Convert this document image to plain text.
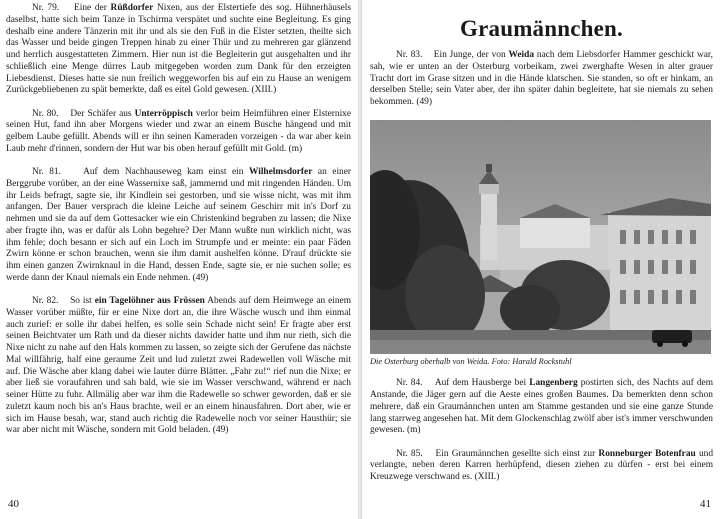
Nr. 79. Eine der Rüßdorfer Nixen, aus der Elstertiefe des sog. Hühnerhäusels daselbst, hatte sich beim Tanze in Tschirma verspätet und suchte eine Begleitung. Es ging deshalb eine andere Tänzerin mit ihr und als sie den Fuß in die Elster setzten, theilte sich das Wasser und beide gingen Treppen hinab zu einer Thür und zu mehreren gar glänzend und herrlich ausgestatteten Zimmern. Hier nun ist die Begleiterin gut ausgehalten und ihr schließlich eine Menge dürres Laub mitgegeben worden zum Dank für den erzeigten Liebesdienst. Dieses hatte sie nun freilich weggeworfen bis auf ein zu Hause an wenigem Zurückgebliebenen zu spät bemerkte, daß es eitel Gold gewesen. (XIII.)

Nr. 80. Der Schäfer aus Unterröppisch verlor beim Heimführen einer Elsternixe seinen Hut, fand ihn aber Morgens wieder und zwar an einem Busche hängend und mit gelbem Laube gefüllt. Abends will er ihn seinen Kameraden vorzeigen - da war aber kein Laub mehr d'rinnen, sondern der Hut war bis oben herauf gefüllt mit Gold. (m)

Nr. 81. Auf dem Nachhauseweg kam einst ein Wilhelmsdorfer an einer Berggrube vorüber, an der eine Wassernixe saß, jammernd und mit ringenden Händen. Um ihr Leids befragt, sagte sie, ihr Kindlein sei gestorben, und sie wisse nicht, was mit ihm anfangen. Der Bauer versprach die kleine Leiche auf seinem Geschirr mit in's Dorf zu nehmen und sie da auf dem Gottesacker wie ein Christenkind begraben zu lassen; die Nixe aber fragte ihn, was er dafür als Lohn begehre? Der Mann wußte nun wirklich nicht, was ihm fehle; doch besann er sich auf ein Loch im Strumpfe und er meinte: ein paar Fäden Zwirn könne er schon brauchen, wenn sie ihm damit aushelfen könne. D'rauf drückte sie ihm einen ganzen Zwirnknaul in die Hand, dessen Ende, sagte sie, er nie suchen solle; es werde dann der Knaul niemals ein Ende nehmen. (49)

Nr. 82. So ist ein Tagelöhner aus Frössen Abends auf dem Heimwege an einem Wasser vorüber müßte, für er eine Nixe dort an, die ihre Wäsche wusch und ihm einmal auch zurief: er solle ihr dabei helfen, es solle sein Schade nicht sein! Er fragte aber erst seinen Beichtvater um Rath und da dieser nichts dawider hatte und ihm nur rieth, sich die Nixe nicht zu nahe auf den Hals kommen zu lassen, so zeigte sich der Gerufene das nächste Mal willfährig, half eine geraume Zeit und lud zuletzt zwei Radewellen voll Wäsche mit auf. Die Wäsche aber klang dabei wie lauter dürre Blätter. „Fahr zu!“ rief nun die Nixe; er aber ließ sie voraufahren und sah bald, wie sie im Wasser verschwand, während er nach seiner Hütte zu fuhr. Allmälig aber war ihm die Radewelle so schwer geworden, daß er sie zuletzt kaum noch bis an's Haus brachte, weil er an einem hinausfahren. Dort aber, wie er sich im Hause besah, war, stand auch richtig die Radewelle noch vor seiner Hausthür; sie war aber nicht mit Wäsche, sondern mit Gold beladen. (49)

40
Graumännchen.

Nr. 83. Ein Junge, der von Weida nach dem Liebsdorfer Hammer geschickt war, sah, wie er unten an der Osterburg vorbeikam, zwei zwerghafte Wesen in alter grauer Tracht dort im Grase sitzen und in die Hände klatschen. Sie standen, so oft er hinkam, an derselben Stelle; sein Vater aber, der ihn später dahin begleitete, hat sie niemals zu sehen bekommen. (49)

Die Osterburg oberhalb von Weida. Foto: Harald Rockstuhl

Nr. 84. Auf dem Hausberge bei Langenberg postirten sich, des Nachts auf dem Anstande, die Jäger gern auf die Aeste eines großen Baumes. Da bemerkten denn schon mehrere, daß ein Graumännchen unten am Stamme gestanden und sie eine ganze Stunde lang starrweg angesehen hat. Mit dem Glockenschlag zwölf aber ist's immer verschwunden gewesen. (m)

Nr. 85. Ein Graumännchen gesellte sich einst zur Ronneburger Botenfrau und verlangte, neben deren Karren herhüpfend, diesen ziehen zu dürfen - erst bei einem Kreuzwege verschwand es. (XIII.)

41
